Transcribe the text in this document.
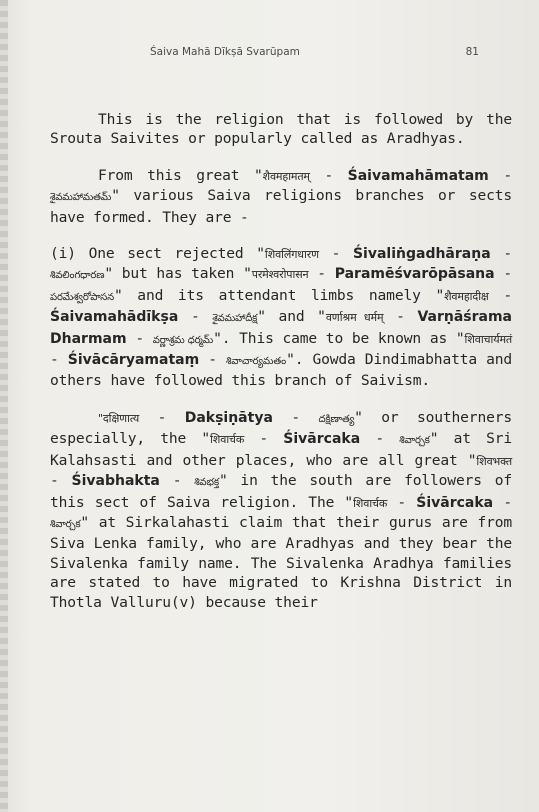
Śaiva Mahā Dīkṣā Svarūpam	81

This is the religion that is followed by the Srouta Saivites or popularly called as Aradhyas.

From this great "शैवमहामतम् - Śaivamahāmatam - శైవమహామతమ్" various Saiva religions branches or sects have formed. They are -

(i) One sect rejected "शिवलिंगधारण - Śivaliṅgadhāraṇa - శివలింగధారణ" but has taken "परमेश्वरोपासन - Paramēśvarōpāsana - పరమేశ్వరోపాసన" and its attendant limbs namely "शैवमहादीक्ष - Śaivamahādīkṣa - శైవమహాదీక్ష" and "वर्णाश्रम धर्मम् - Varṇāśrama Dharmam - వర్ణాశ్రమ ధర్మమ్". This came to be known as "शिवाचार्यमतं - Śivācāryamataṃ - శివాచార్యమతం". Gowda Dindimabhatta and others have followed this branch of Saivism.

"दक्षिणात्य - Dakṣiṇātya - దక్షిణాత్య" or southerners especially, the "शिवार्चक - Śivārcaka - శివార్చక" at Sri Kalahsasti and other places, who are all great "शिवभक्त - Śivabhakta - శివభక్త" in the south are followers of this sect of Saiva religion. The "शिवार्चक - Śivārcaka - శివార్చక" at Sirkalahasti claim that their gurus are from Siva Lenka family, who are Aradhyas and they bear the Sivalenka family name. The Sivalenka Aradhya families are stated to have migrated to Krishna District in Thotla Valluru(v) because their
